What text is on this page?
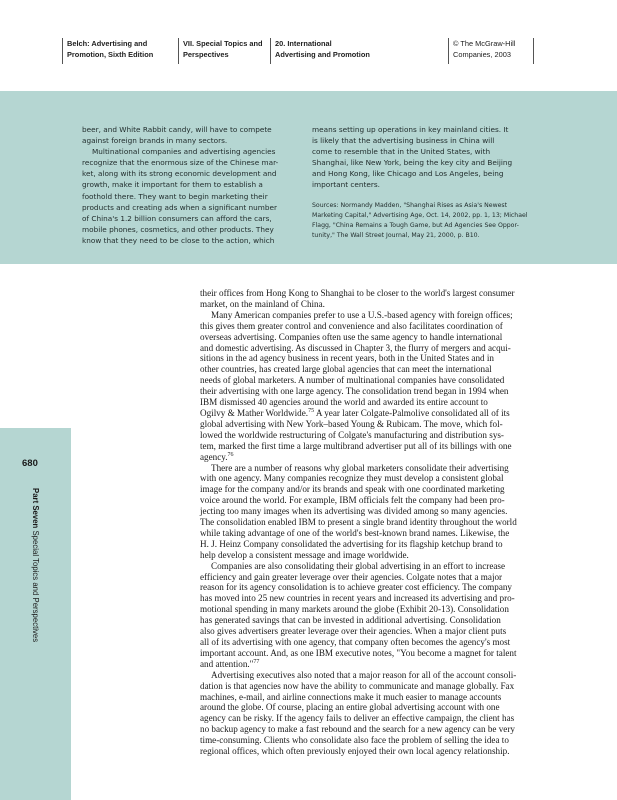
Belch: Advertising and
Promotion, Sixth Edition
VII. Special Topics and
Perspectives
20. International
Advertising and Promotion
© The McGraw-Hill
Companies, 2003
beer, and White Rabbit candy, will have to compete
against foreign brands in many sectors.
Multinational companies and advertising agencies
recognize that the enormous size of the Chinese mar-
ket, along with its strong economic development and
growth, make it important for them to establish a
foothold there. They want to begin marketing their
products and creating ads when a significant number
of China's 1.2 billion consumers can afford the cars,
mobile phones, cosmetics, and other products. They
know that they need to be close to the action, which
means setting up operations in key mainland cities. It
is likely that the advertising business in China will
come to resemble that in the United States, with
Shanghai, like New York, being the key city and Beijing
and Hong Kong, like Chicago and Los Angeles, being
important centers.
Sources: Normandy Madden, "Shanghai Rises as Asia's Newest
Marketing Capital," Advertising Age, Oct. 14, 2002, pp. 1, 13; Michael
Flagg, "China Remains a Tough Game, but Ad Agencies See Oppor-
tunity," The Wall Street Journal, May 21, 2000, p. B10.
680
Part Seven Special Topics and Perspectives
their offices from Hong Kong to Shanghai to be closer to the world's largest consumer
market, on the mainland of China.
Many American companies prefer to use a U.S.-based agency with foreign offices;
this gives them greater control and convenience and also facilitates coordination of
overseas advertising. Companies often use the same agency to handle international
and domestic advertising. As discussed in Chapter 3, the flurry of mergers and acqui-
sitions in the ad agency business in recent years, both in the United States and in
other countries, has created large global agencies that can meet the international
needs of global marketers. A number of multinational companies have consolidated
their advertising with one large agency. The consolidation trend began in 1994 when
IBM dismissed 40 agencies around the world and awarded its entire account to
Ogilvy & Mather Worldwide.$^{75}$ A year later Colgate-Palmolive consolidated all of its
global advertising with New York–based Young & Rubicam. The move, which fol-
lowed the worldwide restructuring of Colgate's manufacturing and distribution sys-
tem, marked the first time a large multibrand advertiser put all of its billings with one
agency.$^{76}$
There are a number of reasons why global marketers consolidate their advertising
with one agency. Many companies recognize they must develop a consistent global
image for the company and/or its brands and speak with one coordinated marketing
voice around the world. For example, IBM officials felt the company had been pro-
jecting too many images when its advertising was divided among so many agencies.
The consolidation enabled IBM to present a single brand identity throughout the world
while taking advantage of one of the world's best-known brand names. Likewise, the
H. J. Heinz Company consolidated the advertising for its flagship ketchup brand to
help develop a consistent message and image worldwide.
Companies are also consolidating their global advertising in an effort to increase
efficiency and gain greater leverage over their agencies. Colgate notes that a major
reason for its agency consolidation is to achieve greater cost efficiency. The company
has moved into 25 new countries in recent years and increased its advertising and pro-
motional spending in many markets around the globe (Exhibit 20-13). Consolidation
has generated savings that can be invested in additional advertising. Consolidation
also gives advertisers greater leverage over their agencies. When a major client puts
all of its advertising with one agency, that company often becomes the agency's most
important account. And, as one IBM executive notes, "You become a magnet for talent
and attention."$^{77}$
Advertising executives also noted that a major reason for all of the account consoli-
dation is that agencies now have the ability to communicate and manage globally. Fax
machines, e-mail, and airline connections make it much easier to manage accounts
around the globe. Of course, placing an entire global advertising account with one
agency can be risky. If the agency fails to deliver an effective campaign, the client has
no backup agency to make a fast rebound and the search for a new agency can be very
time-consuming. Clients who consolidate also face the problem of selling the idea to
regional offices, which often previously enjoyed their own local agency relationship.
